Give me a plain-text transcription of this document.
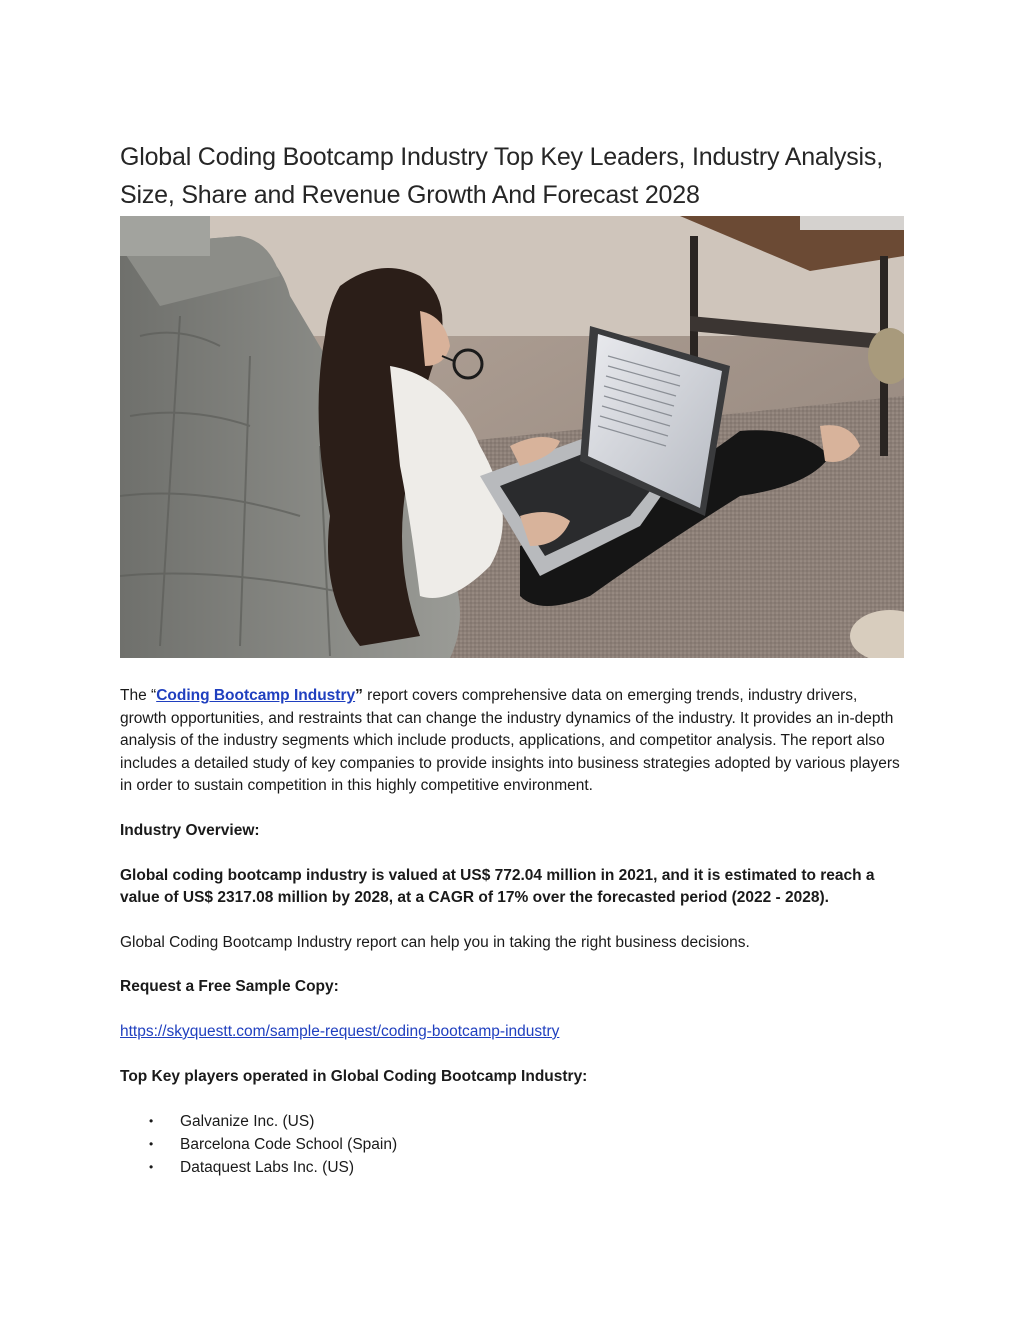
Global Coding Bootcamp Industry Top Key Leaders, Industry Analysis,
Size, Share and Revenue Growth And Forecast 2028

The “Coding Bootcamp Industry” report covers comprehensive data on emerging trends, industry drivers, growth opportunities, and restraints that can change the industry dynamics of the industry. It provides an in-depth analysis of the industry segments which include products, applications, and competitor analysis. The report also includes a detailed study of key companies to provide insights into business strategies adopted by various players in order to sustain competition in this highly competitive environment.

Industry Overview:

Global coding bootcamp industry is valued at US$ 772.04 million in 2021, and it is estimated to reach a value of US$ 2317.08 million by 2028, at a CAGR of 17% over the forecasted period (2022 - 2028).

Global Coding Bootcamp Industry report can help you in taking the right business decisions.

Request a Free Sample Copy:

https://skyquestt.com/sample-request/coding-bootcamp-industry

Top Key players operated in Global Coding Bootcamp Industry:

• Galvanize Inc. (US)
• Barcelona Code School (Spain)
• Dataquest Labs Inc. (US)
